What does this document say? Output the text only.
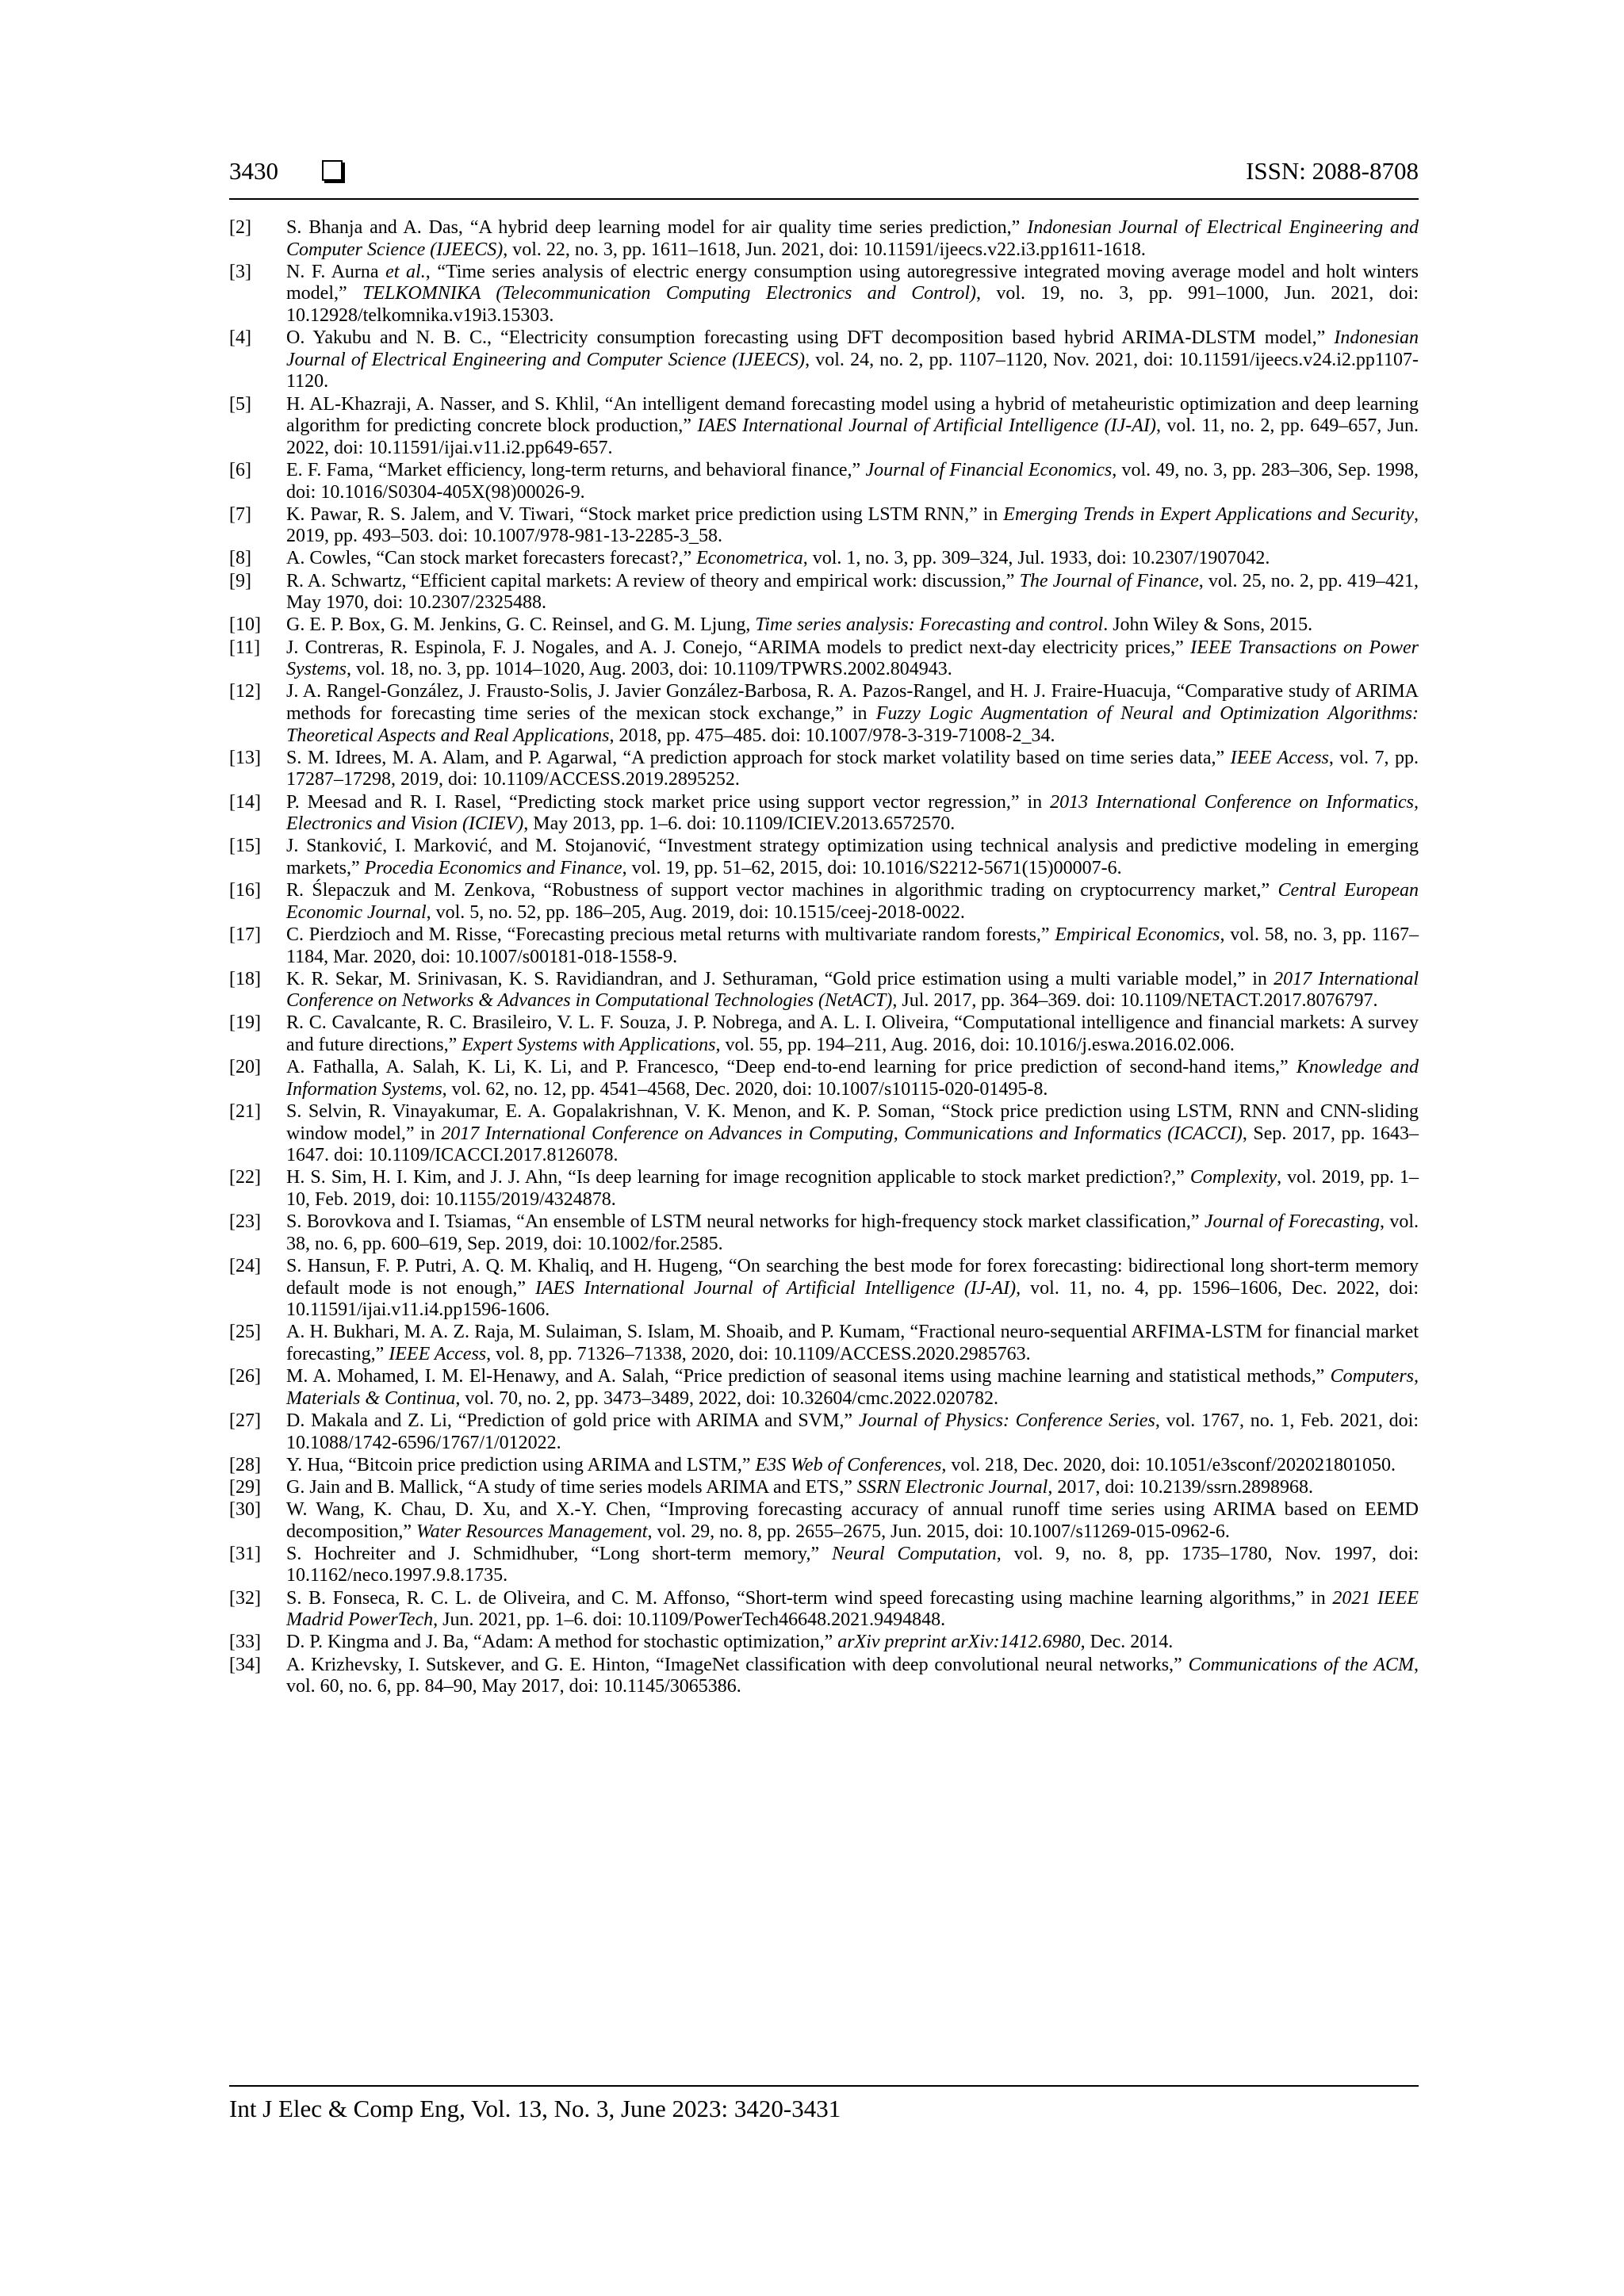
3430	ISSN: 2088-8708
[2]	S. Bhanja and A. Das, “A hybrid deep learning model for air quality time series prediction,” Indonesian Journal of Electrical Engineering and Computer Science (IJEECS), vol. 22, no. 3, pp. 1611–1618, Jun. 2021, doi: 10.11591/ijeecs.v22.i3.pp1611-1618.
[3]	N. F. Aurna et al., “Time series analysis of electric energy consumption using autoregressive integrated moving average model and holt winters model,” TELKOMNIKA (Telecommunication Computing Electronics and Control), vol. 19, no. 3, pp. 991–1000, Jun. 2021, doi: 10.12928/telkomnika.v19i3.15303.
[4]	O. Yakubu and N. B. C., “Electricity consumption forecasting using DFT decomposition based hybrid ARIMA-DLSTM model,” Indonesian Journal of Electrical Engineering and Computer Science (IJEECS), vol. 24, no. 2, pp. 1107–1120, Nov. 2021, doi: 10.11591/ijeecs.v24.i2.pp1107-1120.
[5]	H. AL-Khazraji, A. Nasser, and S. Khlil, “An intelligent demand forecasting model using a hybrid of metaheuristic optimization and deep learning algorithm for predicting concrete block production,” IAES International Journal of Artificial Intelligence (IJ-AI), vol. 11, no. 2, pp. 649–657, Jun. 2022, doi: 10.11591/ijai.v11.i2.pp649-657.
[6]	E. F. Fama, “Market efficiency, long-term returns, and behavioral finance,” Journal of Financial Economics, vol. 49, no. 3, pp. 283–306, Sep. 1998, doi: 10.1016/S0304-405X(98)00026-9.
[7]	K. Pawar, R. S. Jalem, and V. Tiwari, “Stock market price prediction using LSTM RNN,” in Emerging Trends in Expert Applications and Security, 2019, pp. 493–503. doi: 10.1007/978-981-13-2285-3_58.
[8]	A. Cowles, “Can stock market forecasters forecast?,” Econometrica, vol. 1, no. 3, pp. 309–324, Jul. 1933, doi: 10.2307/1907042.
[9]	R. A. Schwartz, “Efficient capital markets: A review of theory and empirical work: discussion,” The Journal of Finance, vol. 25, no. 2, pp. 419–421, May 1970, doi: 10.2307/2325488.
[10]	G. E. P. Box, G. M. Jenkins, G. C. Reinsel, and G. M. Ljung, Time series analysis: Forecasting and control. John Wiley & Sons, 2015.
[11]	J. Contreras, R. Espinola, F. J. Nogales, and A. J. Conejo, “ARIMA models to predict next-day electricity prices,” IEEE Transactions on Power Systems, vol. 18, no. 3, pp. 1014–1020, Aug. 2003, doi: 10.1109/TPWRS.2002.804943.
[12]	J. A. Rangel-González, J. Frausto-Solis, J. Javier González-Barbosa, R. A. Pazos-Rangel, and H. J. Fraire-Huacuja, “Comparative study of ARIMA methods for forecasting time series of the mexican stock exchange,” in Fuzzy Logic Augmentation of Neural and Optimization Algorithms: Theoretical Aspects and Real Applications, 2018, pp. 475–485. doi: 10.1007/978-3-319-71008-2_34.
[13]	S. M. Idrees, M. A. Alam, and P. Agarwal, “A prediction approach for stock market volatility based on time series data,” IEEE Access, vol. 7, pp. 17287–17298, 2019, doi: 10.1109/ACCESS.2019.2895252.
[14]	P. Meesad and R. I. Rasel, “Predicting stock market price using support vector regression,” in 2013 International Conference on Informatics, Electronics and Vision (ICIEV), May 2013, pp. 1–6. doi: 10.1109/ICIEV.2013.6572570.
[15]	J. Stanković, I. Marković, and M. Stojanović, “Investment strategy optimization using technical analysis and predictive modeling in emerging markets,” Procedia Economics and Finance, vol. 19, pp. 51–62, 2015, doi: 10.1016/S2212-5671(15)00007-6.
[16]	R. Ślepaczuk and M. Zenkova, “Robustness of support vector machines in algorithmic trading on cryptocurrency market,” Central European Economic Journal, vol. 5, no. 52, pp. 186–205, Aug. 2019, doi: 10.1515/ceej-2018-0022.
[17]	C. Pierdzioch and M. Risse, “Forecasting precious metal returns with multivariate random forests,” Empirical Economics, vol. 58, no. 3, pp. 1167–1184, Mar. 2020, doi: 10.1007/s00181-018-1558-9.
[18]	K. R. Sekar, M. Srinivasan, K. S. Ravidiandran, and J. Sethuraman, “Gold price estimation using a multi variable model,” in 2017 International Conference on Networks & Advances in Computational Technologies (NetACT), Jul. 2017, pp. 364–369. doi: 10.1109/NETACT.2017.8076797.
[19]	R. C. Cavalcante, R. C. Brasileiro, V. L. F. Souza, J. P. Nobrega, and A. L. I. Oliveira, “Computational intelligence and financial markets: A survey and future directions,” Expert Systems with Applications, vol. 55, pp. 194–211, Aug. 2016, doi: 10.1016/j.eswa.2016.02.006.
[20]	A. Fathalla, A. Salah, K. Li, K. Li, and P. Francesco, “Deep end-to-end learning for price prediction of second-hand items,” Knowledge and Information Systems, vol. 62, no. 12, pp. 4541–4568, Dec. 2020, doi: 10.1007/s10115-020-01495-8.
[21]	S. Selvin, R. Vinayakumar, E. A. Gopalakrishnan, V. K. Menon, and K. P. Soman, “Stock price prediction using LSTM, RNN and CNN-sliding window model,” in 2017 International Conference on Advances in Computing, Communications and Informatics (ICACCI), Sep. 2017, pp. 1643–1647. doi: 10.1109/ICACCI.2017.8126078.
[22]	H. S. Sim, H. I. Kim, and J. J. Ahn, “Is deep learning for image recognition applicable to stock market prediction?,” Complexity, vol. 2019, pp. 1–10, Feb. 2019, doi: 10.1155/2019/4324878.
[23]	S. Borovkova and I. Tsiamas, “An ensemble of LSTM neural networks for high-frequency stock market classification,” Journal of Forecasting, vol. 38, no. 6, pp. 600–619, Sep. 2019, doi: 10.1002/for.2585.
[24]	S. Hansun, F. P. Putri, A. Q. M. Khaliq, and H. Hugeng, “On searching the best mode for forex forecasting: bidirectional long short-term memory default mode is not enough,” IAES International Journal of Artificial Intelligence (IJ-AI), vol. 11, no. 4, pp. 1596–1606, Dec. 2022, doi: 10.11591/ijai.v11.i4.pp1596-1606.
[25]	A. H. Bukhari, M. A. Z. Raja, M. Sulaiman, S. Islam, M. Shoaib, and P. Kumam, “Fractional neuro-sequential ARFIMA-LSTM for financial market forecasting,” IEEE Access, vol. 8, pp. 71326–71338, 2020, doi: 10.1109/ACCESS.2020.2985763.
[26]	M. A. Mohamed, I. M. El-Henawy, and A. Salah, “Price prediction of seasonal items using machine learning and statistical methods,” Computers, Materials & Continua, vol. 70, no. 2, pp. 3473–3489, 2022, doi: 10.32604/cmc.2022.020782.
[27]	D. Makala and Z. Li, “Prediction of gold price with ARIMA and SVM,” Journal of Physics: Conference Series, vol. 1767, no. 1, Feb. 2021, doi: 10.1088/1742-6596/1767/1/012022.
[28]	Y. Hua, “Bitcoin price prediction using ARIMA and LSTM,” E3S Web of Conferences, vol. 218, Dec. 2020, doi: 10.1051/e3sconf/202021801050.
[29]	G. Jain and B. Mallick, “A study of time series models ARIMA and ETS,” SSRN Electronic Journal, 2017, doi: 10.2139/ssrn.2898968.
[30]	W. Wang, K. Chau, D. Xu, and X.-Y. Chen, “Improving forecasting accuracy of annual runoff time series using ARIMA based on EEMD decomposition,” Water Resources Management, vol. 29, no. 8, pp. 2655–2675, Jun. 2015, doi: 10.1007/s11269-015-0962-6.
[31]	S. Hochreiter and J. Schmidhuber, “Long short-term memory,” Neural Computation, vol. 9, no. 8, pp. 1735–1780, Nov. 1997, doi: 10.1162/neco.1997.9.8.1735.
[32]	S. B. Fonseca, R. C. L. de Oliveira, and C. M. Affonso, “Short-term wind speed forecasting using machine learning algorithms,” in 2021 IEEE Madrid PowerTech, Jun. 2021, pp. 1–6. doi: 10.1109/PowerTech46648.2021.9494848.
[33]	D. P. Kingma and J. Ba, “Adam: A method for stochastic optimization,” arXiv preprint arXiv:1412.6980, Dec. 2014.
[34]	A. Krizhevsky, I. Sutskever, and G. E. Hinton, “ImageNet classification with deep convolutional neural networks,” Communications of the ACM, vol. 60, no. 6, pp. 84–90, May 2017, doi: 10.1145/3065386.
Int J Elec & Comp Eng, Vol. 13, No. 3, June 2023: 3420-3431
